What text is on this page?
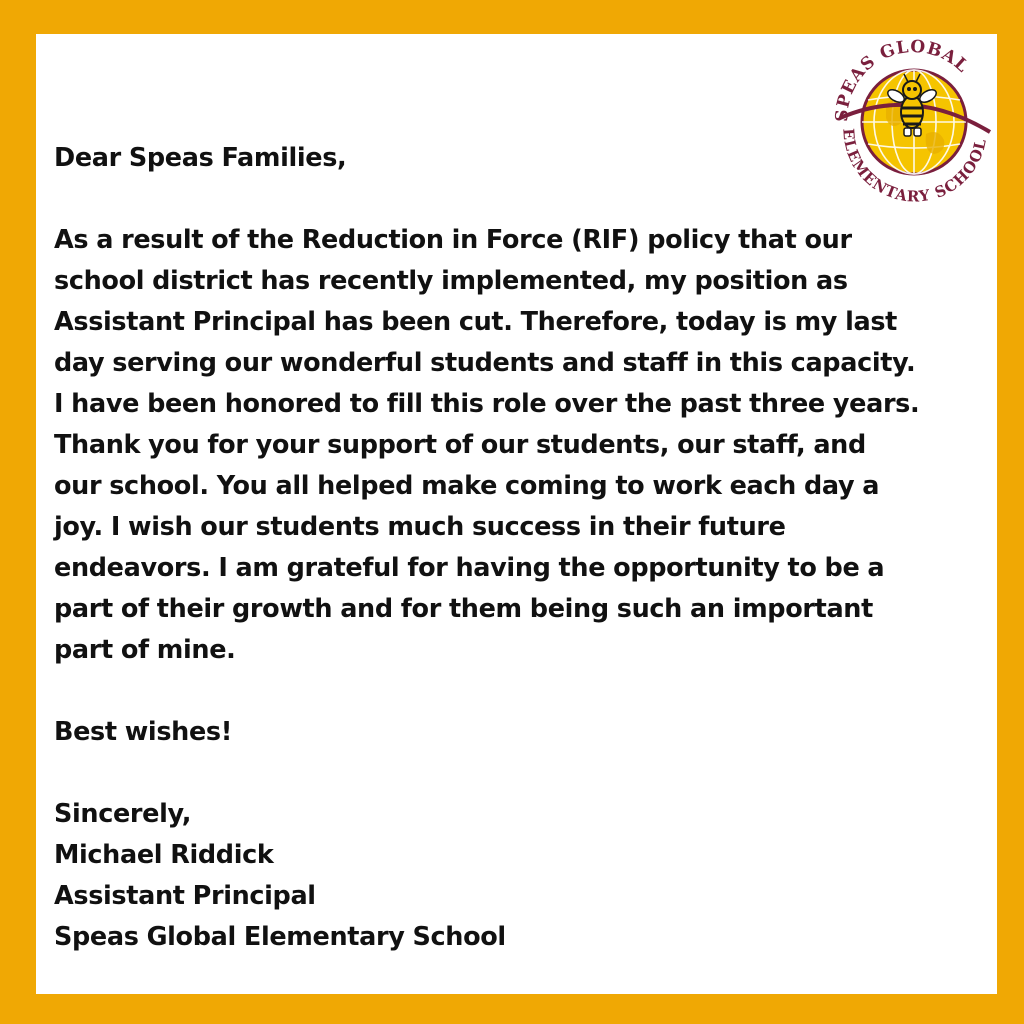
SPEAS GLOBAL
ELEMENTARY SCHOOL

Dear Speas Families,

As a result of the Reduction in Force (RIF) policy that our
school district has recently implemented, my position as
Assistant Principal has been cut. Therefore, today is my last
day serving our wonderful students and staff in this capacity.
I have been honored to fill this role over the past three years.
Thank you for your support of our students, our staff, and
our school. You all helped make coming to work each day a
joy. I wish our students much success in their future
endeavors. I am grateful for having the opportunity to be a
part of their growth and for them being such an important
part of mine.

Best wishes!

Sincerely,

Michael Riddick

Assistant Principal

Speas Global Elementary School
